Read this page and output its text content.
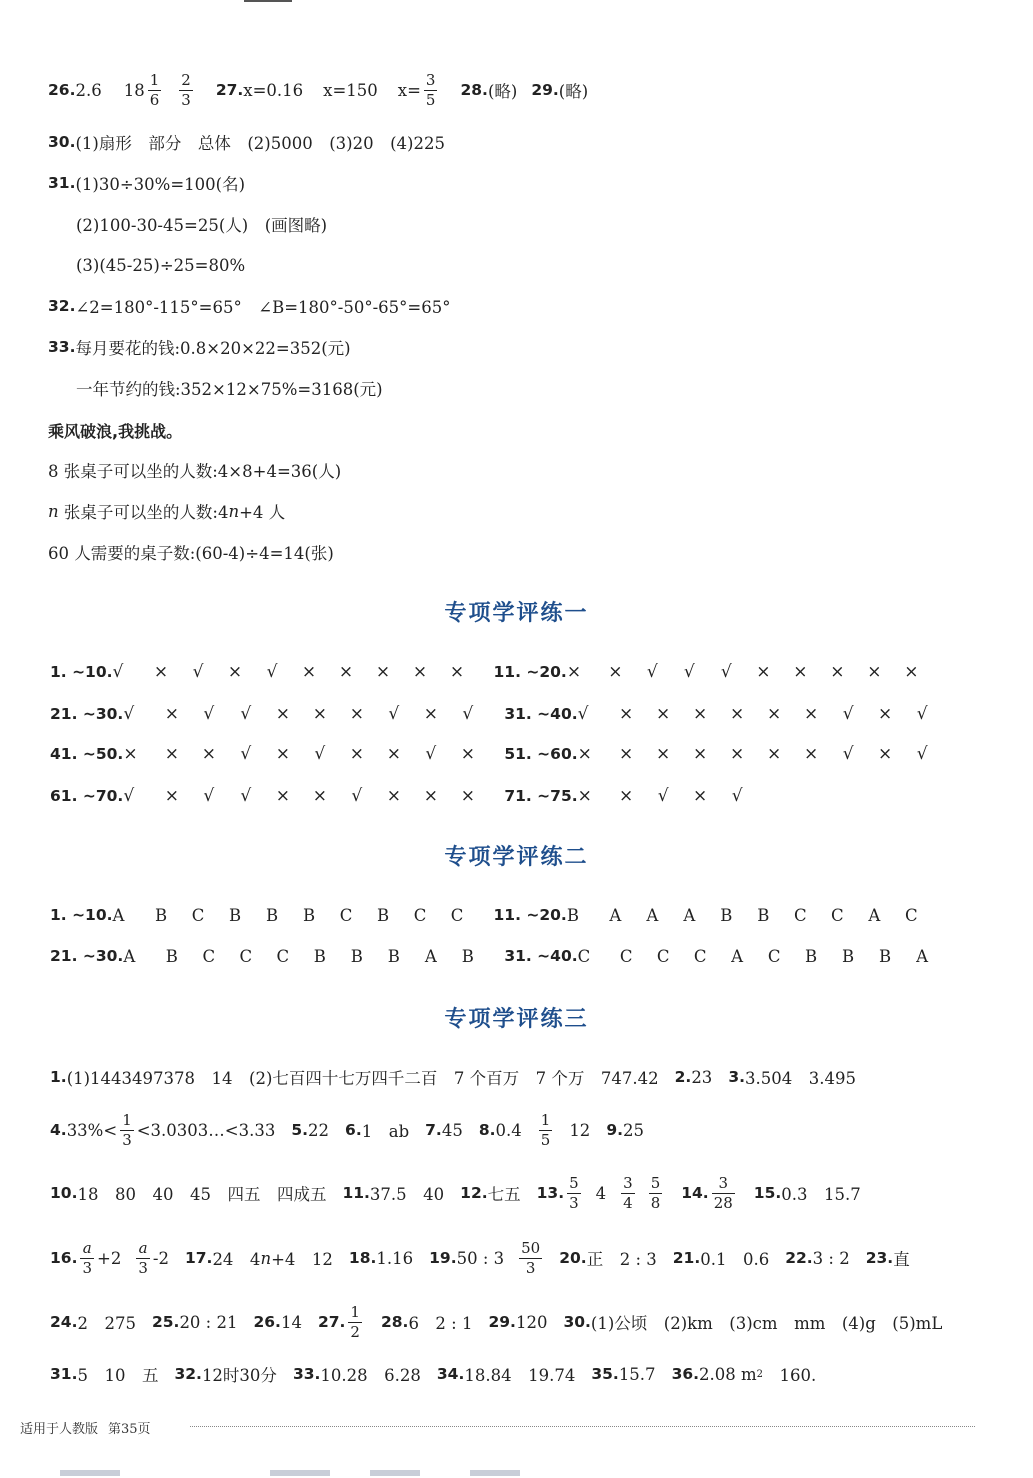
26. 2.6 18
1
6
2
3
27. x=0.16 x=150 x=
3
5
28. (略) 29. (略)
30. (1)扇形　部分　总体　(2)5000　(3)20　(4)225
31. (1)30÷30%=100(名)
(2)100-30-45=25(人)　(画图略)
(3)(45-25)÷25=80%
32. ∠2=180°-115°=65°　∠B=180°-50°-65°=65°
33. 每月要花的钱:0.8×20×22=352(元)
一年节约的钱:352×12×75%=3168(元)
乘风破浪,我挑战。
8 张桌子可以坐的人数:4×8+4=36(人)
n 张桌子可以坐的人数:4 n +4 人
60 人需要的桌子数:(60-4)÷4=14(张)
专项学评练一
1. ~10. √	×	√	×	√	×	×	×	×	×	11. ~20. ×	×	√	√	√	×	×	×	×	×
21. ~30. √	×	√	√	×	×	×	√	×	√	31. ~40. √	×	×	×	×	×	×	√	×	√
41. ~50. ×	×	×	√	×	√	×	×	√	×	51. ~60. ×	×	×	×	×	×	×	√	×	√
61. ~70. √	×	√	√	×	×	√	×	×	×	71. ~75. ×	×	√	×	√
专项学评练二
1. ~10. A	B	C	B	B	B	C	B	C	C	11. ~20. B	A	A	A	B	B	C	C	A	C
21. ~30. A	B	C	C	C	B	B	B	A	B	31. ~40. C	C	C	C	A	C	B	B	B	A
专项学评练三
1. (1)1443497378　14　(2)七百四十七万四千二百　7 个百万　7 个万　747.42 2. 23 3. 3.504　3.495
4. 33%<
1
3 <3.0303…<3.33 5. 22 6. 1　ab 7. 45 8. 0.4
1
5 12 9. 25
10. 18　80　40　45　四五　四成五 11. 37.5　40 12. 七五 13.
5
3 4
3
4
5
8
14.
3
28
15. 0.3　15.7
16.
a
3 +2
a
3 -2 17. 24　4 n +4　12 18. 1.16 19. 50 : 3
50
3
20. 正　2 : 3 21. 0.1　0.6 22. 3 : 2 23. 直
24. 2　275 25. 20 : 21 26. 14 27.
1
2
28. 6　2 : 1 29. 120 30. (1)公顷　(2)km　(3)cm　mm　(4)g　(5)mL
31. 5　10　五 32. 12时30分 33. 10.28　6.28 34. 18.84　19.74 35. 15.7 36. 2.08 m 2 　160.
适用于人教版 第35页
